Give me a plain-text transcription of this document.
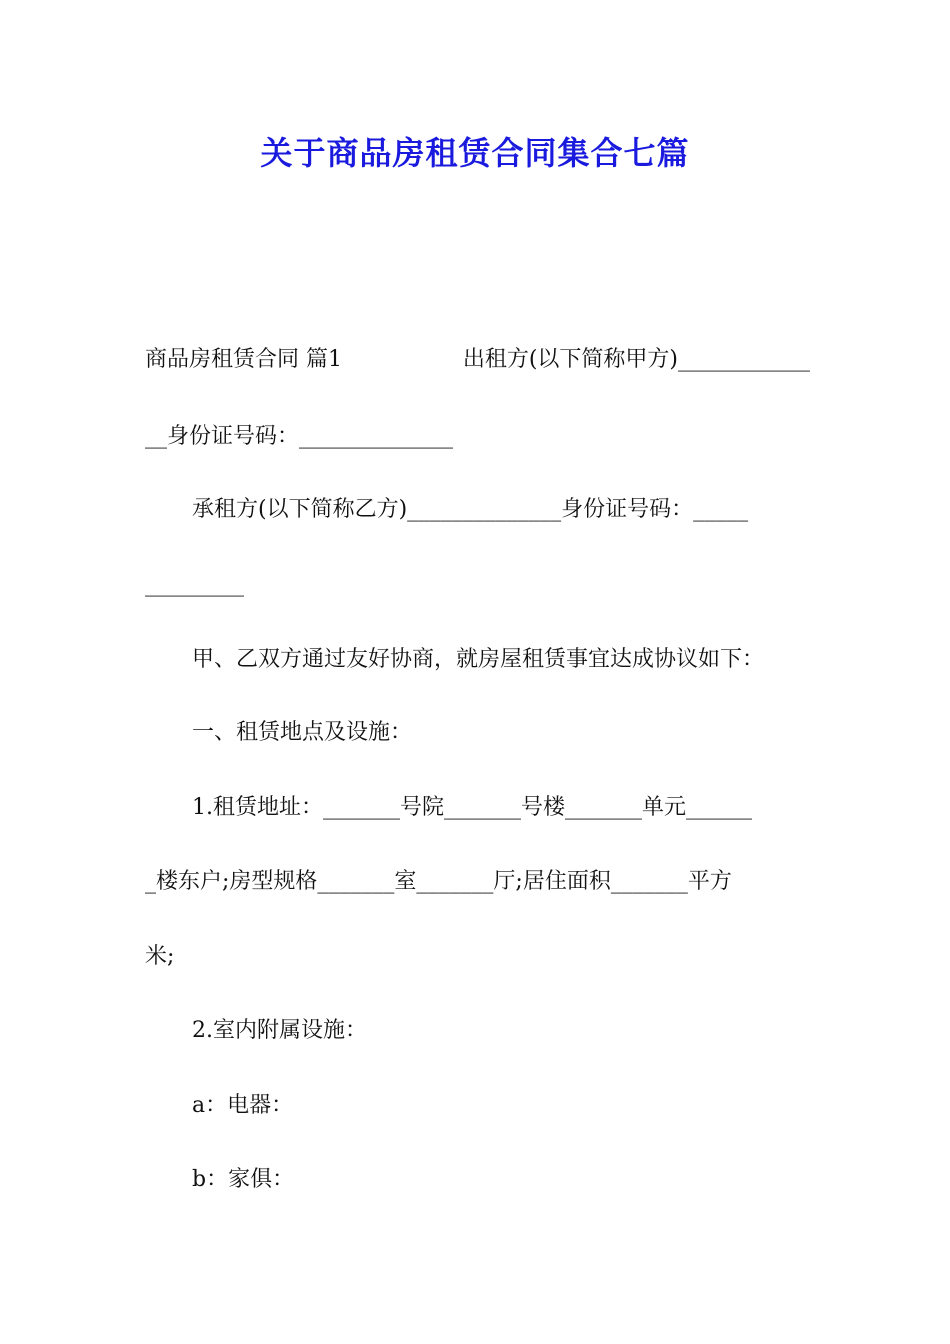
关于商品房租赁合同集合七篇
商品房租赁合同 篇1	出租方(以下简称甲方)____________
__身份证号码：______________
承租方(以下简称乙方)______________身份证号码：_____
_________
甲、乙双方通过友好协商，就房屋租赁事宜达成协议如下：
一、租赁地点及设施：
1.租赁地址：_______号院_______号楼_______单元______
_楼东户;房型规格_______室_______厅;居住面积_______平方
米;
2.室内附属设施：
a：电器：
b：家俱：
